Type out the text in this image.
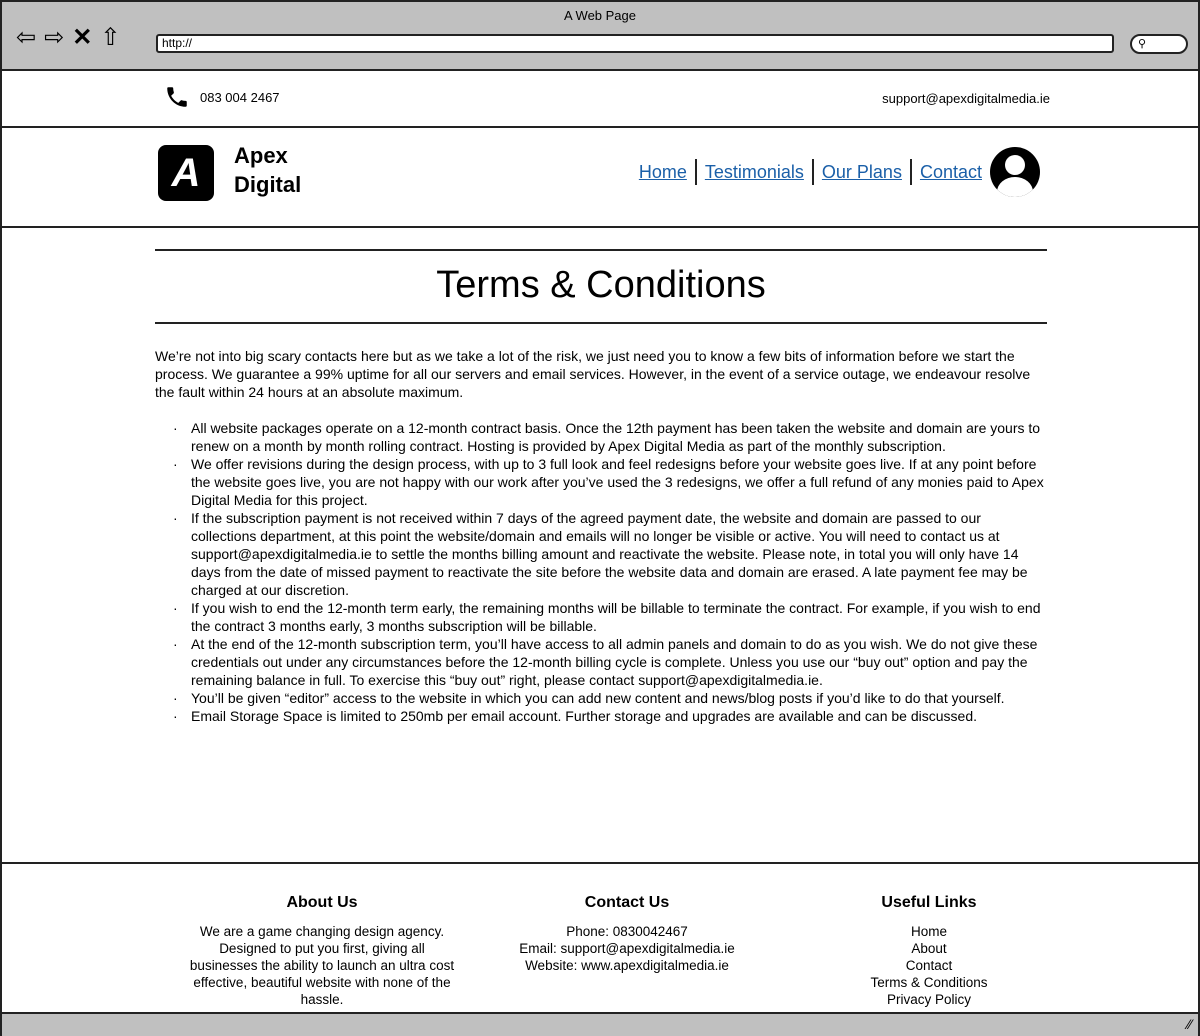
A Web Page
⇦ ⇨ ✕ ⇧	http://	⚲
083 004 2467	support@apexdigitalmedia.ie
A	Apex
Digital
Home	Testimonials	Our Plans	Contact
Terms & Conditions

We’re not into big scary contacts here but as we take a lot of the risk, we just need you to know a few bits of information before we start the process. We guarantee a 99% uptime for all our servers and email services. However, in the event of a service outage, we endeavour resolve the fault within 24 hours at an absolute maximum.

· All website packages operate on a 12-month contract basis. Once the 12th payment has been taken the website and domain are yours to renew on a month by month rolling contract. Hosting is provided by Apex Digital Media as part of the monthly subscription.
· We offer revisions during the design process, with up to 3 full look and feel redesigns before your website goes live. If at any point before the website goes live, you are not happy with our work after you’ve used the 3 redesigns, we offer a full refund of any monies paid to Apex Digital Media for this project.
· If the subscription payment is not received within 7 days of the agreed payment date, the website and domain are passed to our collections department, at this point the website/domain and emails will no longer be visible or active. You will need to contact us at support@apexdigitalmedia.ie to settle the months billing amount and reactivate the website. Please note, in total you will only have 14 days from the date of missed payment to reactivate the site before the website data and domain are erased. A late payment fee may be charged at our discretion.
· If you wish to end the 12-month term early, the remaining months will be billable to terminate the contract. For example, if you wish to end the contract 3 months early, 3 months subscription will be billable.
· At the end of the 12-month subscription term, you’ll have access to all admin panels and domain to do as you wish. We do not give these credentials out under any circumstances before the 12-month billing cycle is complete. Unless you use our “buy out” option and pay the remaining balance in full. To exercise this “buy out” right, please contact support@apexdigitalmedia.ie.
· You’ll be given “editor” access to the website in which you can add new content and news/blog posts if you’d like to do that yourself.
· Email Storage Space is limited to 250mb per email account. Further storage and upgrades are available and can be discussed.
About Us

We are a game changing design agency. Designed to put you first, giving all businesses the ability to launch an ultra cost effective, beautiful website with none of the hassle.

Contact Us
Phone: 0830042467
Email: support@apexdigitalmedia.ie
Website: www.apexdigitalmedia.ie
Useful Links
Home
About
Contact
Terms & Conditions
Privacy Policy
⁄⁄
